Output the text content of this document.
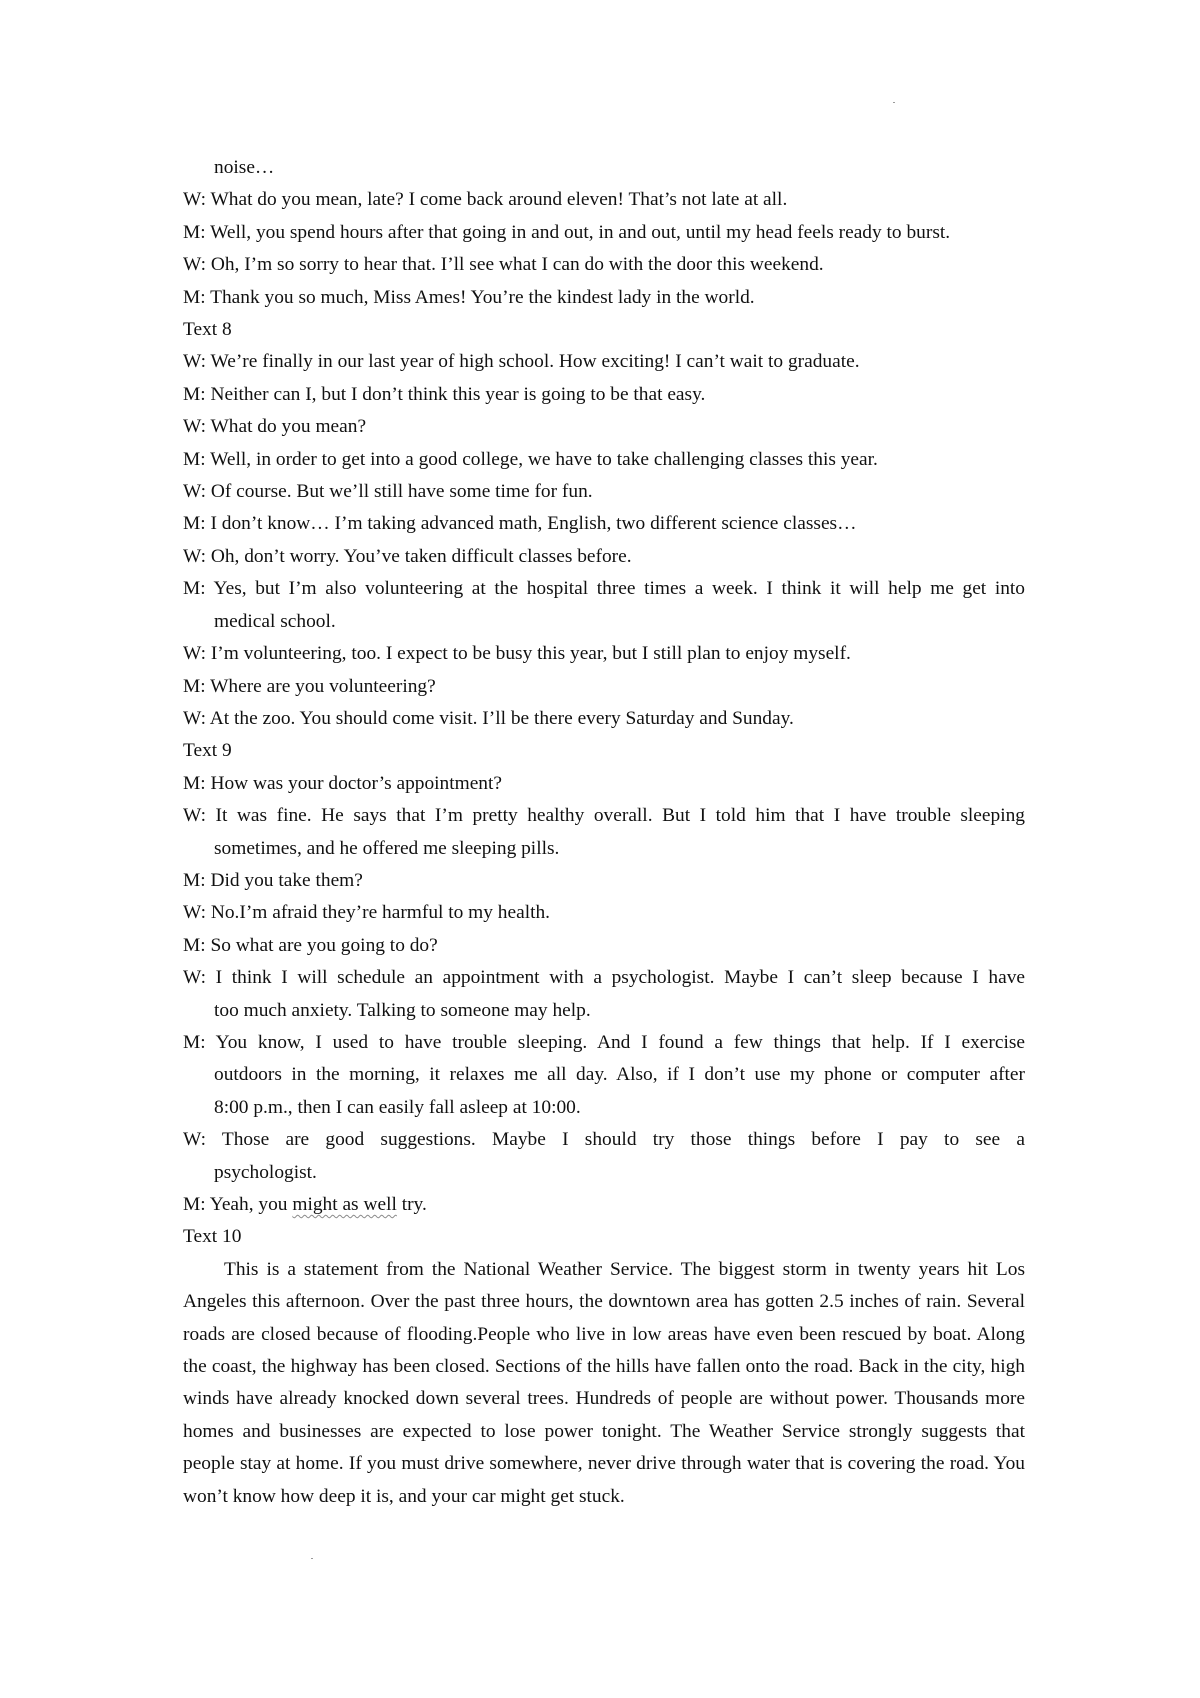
noise…

W: What do you mean, late? I come back around eleven! That’s not late at all.

M: Well, you spend hours after that going in and out, in and out, until my head feels ready to burst.

W: Oh, I’m so sorry to hear that. I’ll see what I can do with the door this weekend.

M: Thank you so much, Miss Ames! You’re the kindest lady in the world.

Text 8

W: We’re finally in our last year of high school. How exciting! I can’t wait to graduate.

M: Neither can I, but I don’t think this year is going to be that easy.

W: What do you mean?

M: Well, in order to get into a good college, we have to take challenging classes this year.

W: Of course. But we’ll still have some time for fun.

M: I don’t know… I’m taking advanced math, English, two different science classes…

W: Oh, don’t worry. You’ve taken difficult classes before.

M: Yes, but I’m also volunteering at the hospital three times a week. I think it will help me get into

medical school.

W: I’m volunteering, too. I expect to be busy this year, but I still plan to enjoy myself.

M: Where are you volunteering?

W: At the zoo. You should come visit. I’ll be there every Saturday and Sunday.

Text 9

M: How was your doctor’s appointment?

W: It was fine. He says that I’m pretty healthy overall. But I told him that I have trouble sleeping

sometimes, and he offered me sleeping pills.

M: Did you take them?

W: No.I’m afraid they’re harmful to my health.

M: So what are you going to do?

W: I think I will schedule an appointment with a psychologist. Maybe I can’t sleep because I have

too much anxiety. Talking to someone may help.

M: You know, I used to have trouble sleeping. And I found a few things that help. If I exercise

outdoors in the morning, it relaxes me all day. Also, if I don’t use my phone or computer after

8:00 p.m., then I can easily fall asleep at 10:00.

W: Those are good suggestions. Maybe I should try those things before I pay to see a

psychologist.

M: Yeah, you might as well try.

Text 10

This is a statement from the National Weather Service. The biggest storm in twenty years hit Los Angeles this afternoon. Over the past three hours, the downtown area has gotten 2.5 inches of rain. Several roads are closed because of flooding.People who live in low areas have even been rescued by boat. Along the coast, the highway has been closed. Sections of the hills have fallen onto the road. Back in the city, high winds have already knocked down several trees. Hundreds of people are without power. Thousands more homes and businesses are expected to lose power tonight. The Weather Service strongly suggests that people stay at home. If you must drive somewhere, never drive through water that is covering the road. You won’t know how deep it is, and your car might get stuck.
